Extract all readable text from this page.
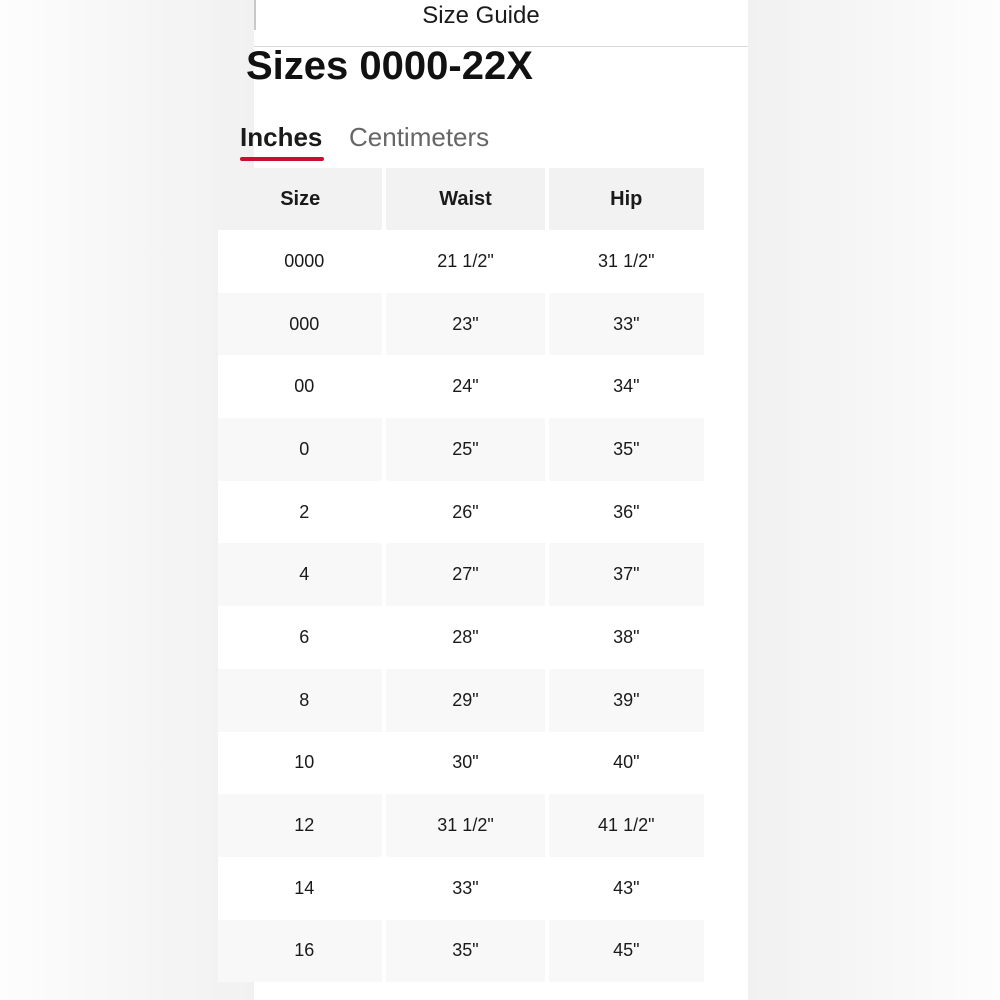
Size Guide
Sizes 0000-22X
Inches Centimeters
Size	Waist	Hip
0000	21 1/2"	31 1/2"
000	23"	33"
00	24"	34"
0	25"	35"
2	26"	36"
4	27"	37"
6	28"	38"
8	29"	39"
10	30"	40"
12	31 1/2"	41 1/2"
14	33"	43"
16	35"	45"
